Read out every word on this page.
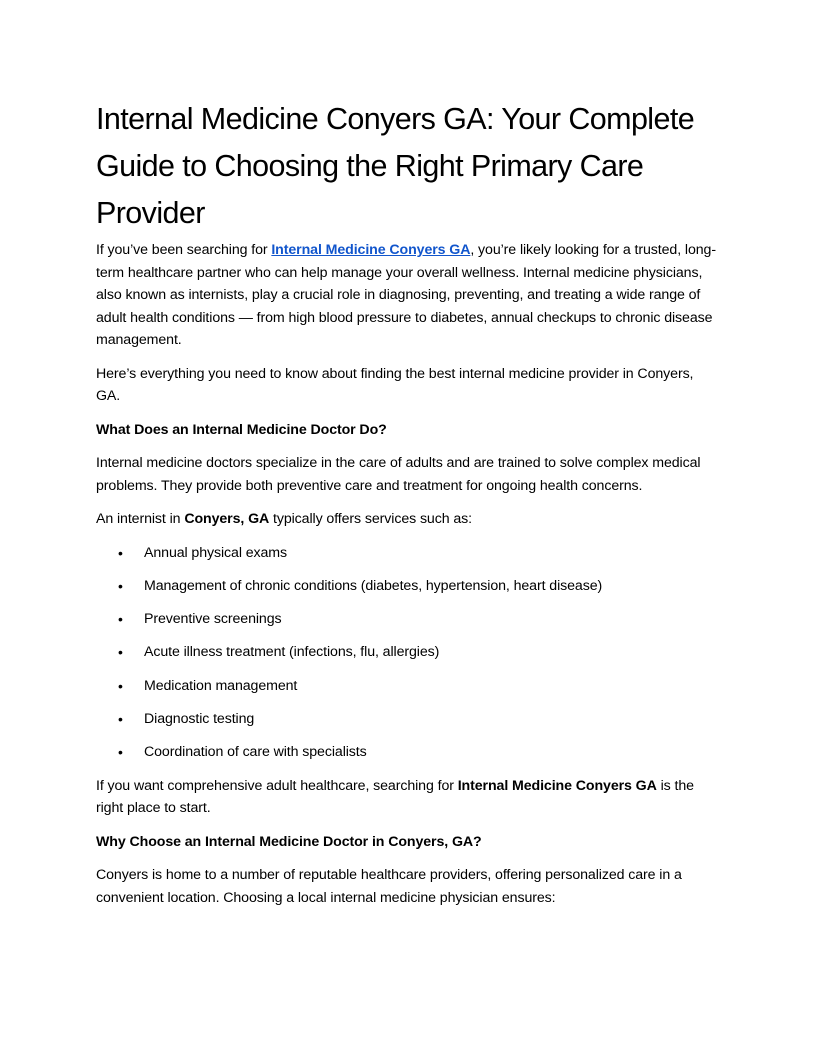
Internal Medicine Conyers GA: Your Complete Guide to Choosing the Right Primary Care Provider

If you’ve been searching for Internal Medicine Conyers GA, you’re likely looking for a trusted, long-term healthcare partner who can help manage your overall wellness. Internal medicine physicians, also known as internists, play a crucial role in diagnosing, preventing, and treating a wide range of adult health conditions — from high blood pressure to diabetes, annual checkups to chronic disease management.

Here’s everything you need to know about finding the best internal medicine provider in Conyers, GA.

What Does an Internal Medicine Doctor Do?

Internal medicine doctors specialize in the care of adults and are trained to solve complex medical problems. They provide both preventive care and treatment for ongoing health concerns.

An internist in Conyers, GA typically offers services such as:

• Annual physical exams
• Management of chronic conditions (diabetes, hypertension, heart disease)
• Preventive screenings
• Acute illness treatment (infections, flu, allergies)
• Medication management
• Diagnostic testing
• Coordination of care with specialists

If you want comprehensive adult healthcare, searching for Internal Medicine Conyers GA is the right place to start.

Why Choose an Internal Medicine Doctor in Conyers, GA?

Conyers is home to a number of reputable healthcare providers, offering personalized care in a convenient location. Choosing a local internal medicine physician ensures:
